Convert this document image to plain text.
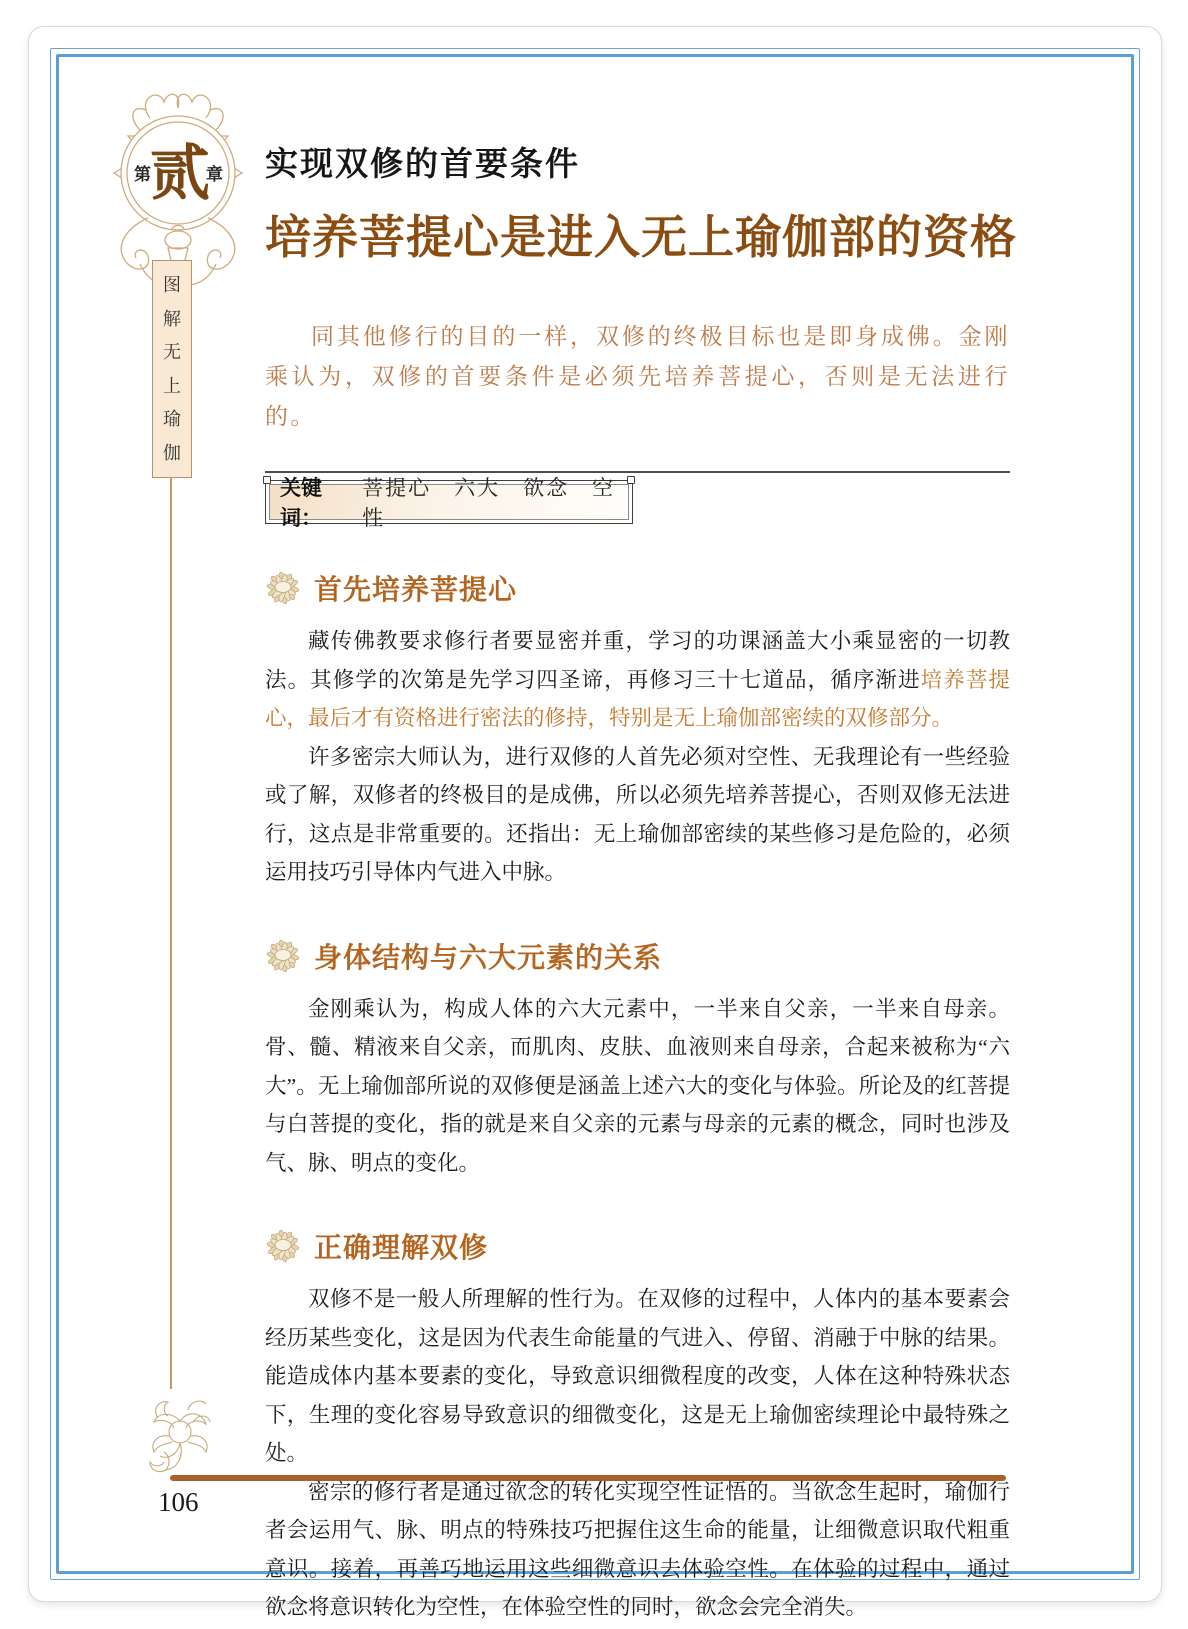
第 贰
章
图
解
无
上
瑜
伽
106
实现双修的首要条件
培养菩提心是进入无上瑜伽部的资格

同其他修行的目的一样，双修的终极目标也是即身成佛。金刚乘认为，双修的首要条件是必须先培养菩提心，否则是无法进行的。

关键词：
菩提心　六大　欲念　空性
首先培养菩提心

藏传佛教要求修行者要显密并重，学习的功课涵盖大小乘显密的一切教法。其修学的次第是先学习四圣谛，再修习三十七道品，循序渐进培养菩提心，最后才有资格进行密法的修持，特别是无上瑜伽部密续的双修部分。

许多密宗大师认为，进行双修的人首先必须对空性、无我理论有一些经验或了解，双修者的终极目的是成佛，所以必须先培养菩提心，否则双修无法进行，这点是非常重要的。还指出：无上瑜伽部密续的某些修习是危险的，必须运用技巧引导体内气进入中脉。

身体结构与六大元素的关系

金刚乘认为，构成人体的六大元素中，一半来自父亲，一半来自母亲。骨、髓、精液来自父亲，而肌肉、皮肤、血液则来自母亲，合起来被称为“六大”。无上瑜伽部所说的双修便是涵盖上述六大的变化与体验。所论及的红菩提与白菩提的变化，指的就是来自父亲的元素与母亲的元素的概念，同时也涉及气、脉、明点的变化。

正确理解双修

双修不是一般人所理解的性行为。在双修的过程中，人体内的基本要素会经历某些变化，这是因为代表生命能量的气进入、停留、消融于中脉的结果。能造成体内基本要素的变化，导致意识细微程度的改变，人体在这种特殊状态下，生理的变化容易导致意识的细微变化，这是无上瑜伽密续理论中最特殊之处。

密宗的修行者是通过欲念的转化实现空性证悟的。当欲念生起时，瑜伽行者会运用气、脉、明点的特殊技巧把握住这生命的能量，让细微意识取代粗重意识。接着，再善巧地运用这些细微意识去体验空性。在体验的过程中，通过欲念将意识转化为空性，在体验空性的同时，欲念会完全消失。
